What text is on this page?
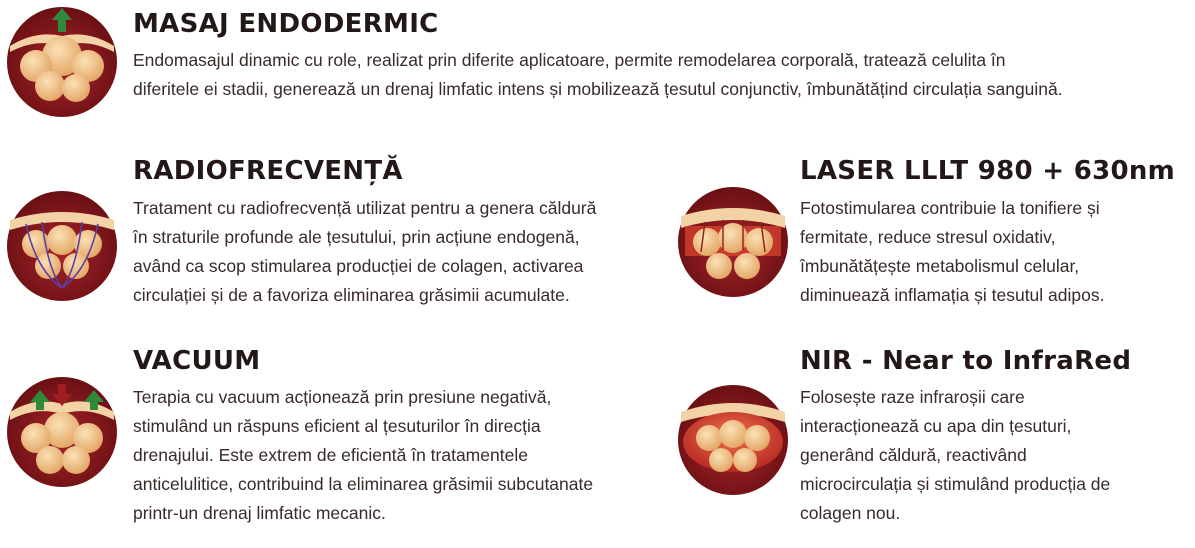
MASAJ ENDODERMIC

Endomasajul dinamic cu role, realizat prin diferite aplicatoare, permite remodelarea corporală, tratează celulita în
diferitele ei stadii, generează un drenaj limfatic intens și mobilizează țesutul conjunctiv, îmbunătățind circulația sanguină.

RADIOFRECVENȚĂ

Tratament cu radiofrecvență utilizat pentru a genera căldură
în straturile profunde ale țesutului, prin acțiune endogenă,
având ca scop stimularea producției de colagen, activarea
circulației și de a favoriza eliminarea grăsimii acumulate.

LASER LLLT 980 + 630nm

Fotostimularea contribuie la tonifiere și
fermitate, reduce stresul oxidativ,
îmbunătățește metabolismul celular,
diminuează inflamația și tesutul adipos.

VACUUM

Terapia cu vacuum acționează prin presiune negativă,
stimulând un răspuns eficient al țesuturilor în direcția
drenajului. Este extrem de eficientă în tratamentele
anticelulitice, contribuind la eliminarea grăsimii subcutanate
printr-un drenaj limfatic mecanic.

NIR - Near to InfraRed

Folosește raze infraroșii care
interacționează cu apa din țesuturi,
generând căldură, reactivând
microcirculația și stimulând producția de
colagen nou.
